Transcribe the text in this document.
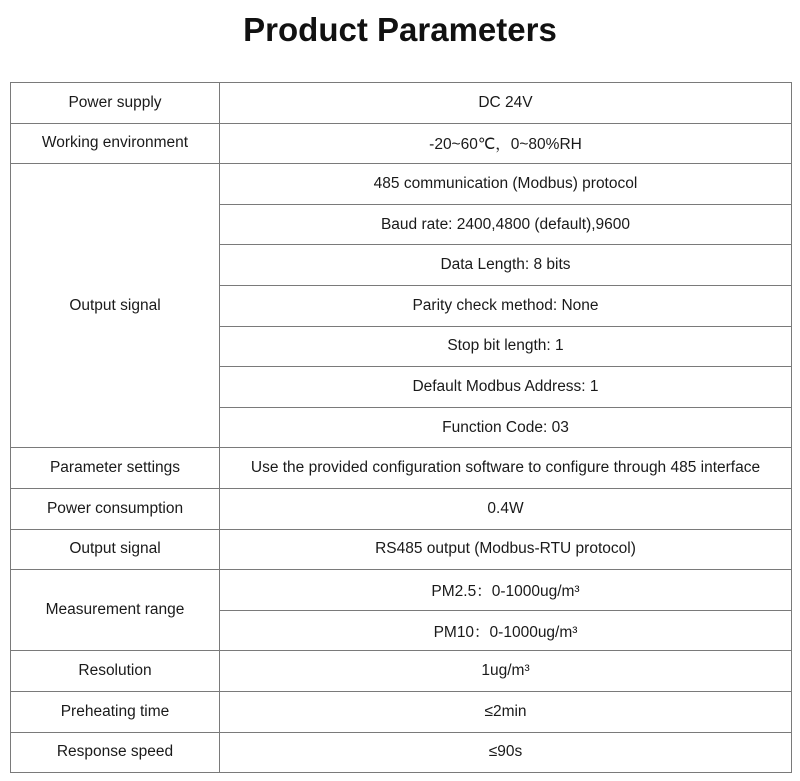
Product Parameters
Power supply	DC 24V
Working environment	-20~60℃，0~80%RH
Output signal	485 communication (Modbus) protocol
	Baud rate: 2400,4800 (default),9600
	Data Length: 8 bits
	Parity check method: None
	Stop bit length: 1
	Default Modbus Address: 1
	Function Code: 03
Parameter settings	Use the provided configuration software to configure through 485 interface
Power consumption	0.4W
Output signal	RS485 output (Modbus-RTU protocol)
Measurement range	PM2.5：0-1000ug/m³
	PM10：0-1000ug/m³
Resolution	1ug/m³
Preheating time	≤2min
Response speed	≤90s
